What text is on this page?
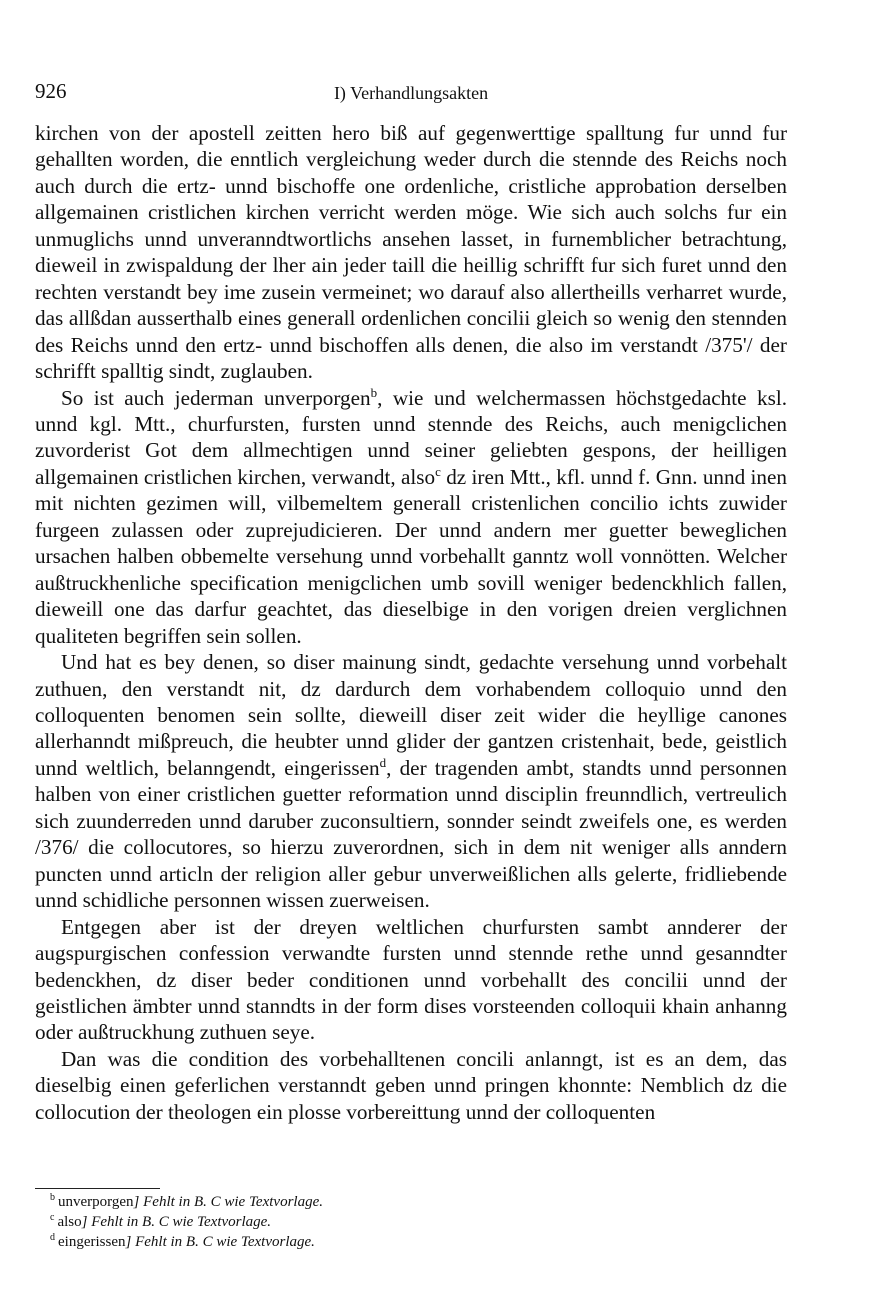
926	I) Verhandlungsakten

kirchen von der apostell zeitten hero biß auf gegenwerttige spalltung fur unnd fur gehallten worden, die enntlich vergleichung weder durch die stennde des Reichs noch auch durch die ertz- unnd bischoffe one ordenliche, cristliche approbation derselben allgemainen cristlichen kirchen verricht werden möge. Wie sich auch solchs fur ein unmuglichs unnd unveranndtwortlichs ansehen lasset, in furnemblicher betrachtung, dieweil in zwispaldung der lher ain jeder taill die heillig schrifft fur sich furet unnd den rechten verstandt bey ime zusein vermeinet; wo darauf also allertheills verharret wurde, das allßdan ausserthalb eines generall ordenlichen concilii gleich so wenig den stennden des Reichs unnd den ertz- unnd bischoffen alls denen, die also im verstandt /375'/ der schrifft spalltig sindt, zuglauben.

So ist auch jederman unverporgen$^b$, wie und welchermassen höchstgedachte ksl. unnd kgl. Mtt., churfursten, fursten unnd stennde des Reichs, auch menigclichen zuvorderist Got dem allmechtigen unnd seiner geliebten gespons, der heilligen allgemainen cristlichen kirchen, verwandt, also$^c$ dz iren Mtt., kfl. unnd f. Gnn. unnd inen mit nichten gezimen will, vilbemeltem generall cristenlichen concilio ichts zuwider furgeen zulassen oder zuprejudicieren. Der unnd andern mer guetter beweglichen ursachen halben obbemelte versehung unnd vorbehallt ganntz woll vonnötten. Welcher außtruckhenliche specification menigclichen umb sovill weniger bedenckhlich fallen, dieweill one das darfur geachtet, das dieselbige in den vorigen dreien verglichnen qualiteten begriffen sein sollen.

Und hat es bey denen, so diser mainung sindt, gedachte versehung unnd vorbehalt zuthuen, den verstandt nit, dz dardurch dem vorhabendem colloquio unnd den colloquenten benomen sein sollte, dieweill diser zeit wider die heyllige canones allerhanndt mißpreuch, die heubter unnd glider der gantzen cristenhait, bede, geistlich unnd weltlich, belanngendt, eingerissen$^d$, der tragenden ambt, standts unnd personnen halben von einer cristlichen guetter reformation unnd disciplin freunndlich, vertreulich sich zuunderreden unnd daruber zuconsultiern, sonnder seindt zweifels one, es werden /376/ die collocutores, so hierzu zuverordnen, sich in dem nit weniger alls anndern puncten unnd articln der religion aller gebur unverweißlichen alls gelerte, fridliebende unnd schidliche personnen wissen zuerweisen.

Entgegen aber ist der dreyen weltlichen churfursten sambt annderer der augspurgischen confession verwandte fursten unnd stennde rethe unnd gesanndter bedenckhen, dz diser beder conditionen unnd vorbehallt des concilii unnd der geistlichen ämbter unnd stanndts in der form dises vorsteenden colloquii khain anhanng oder außtruckhung zuthuen seye.

Dan was die condition des vorbehalltenen concili anlanngt, ist es an dem, das dieselbig einen geferlichen verstanndt geben unnd pringen khonnte: Nemblich dz die collocution der theologen ein plosse vorbereittung unnd der colloquenten

$^b$ unverporgen] Fehlt in B. C wie Textvorlage.

$^c$ also] Fehlt in B. C wie Textvorlage.

$^d$ eingerissen] Fehlt in B. C wie Textvorlage.
